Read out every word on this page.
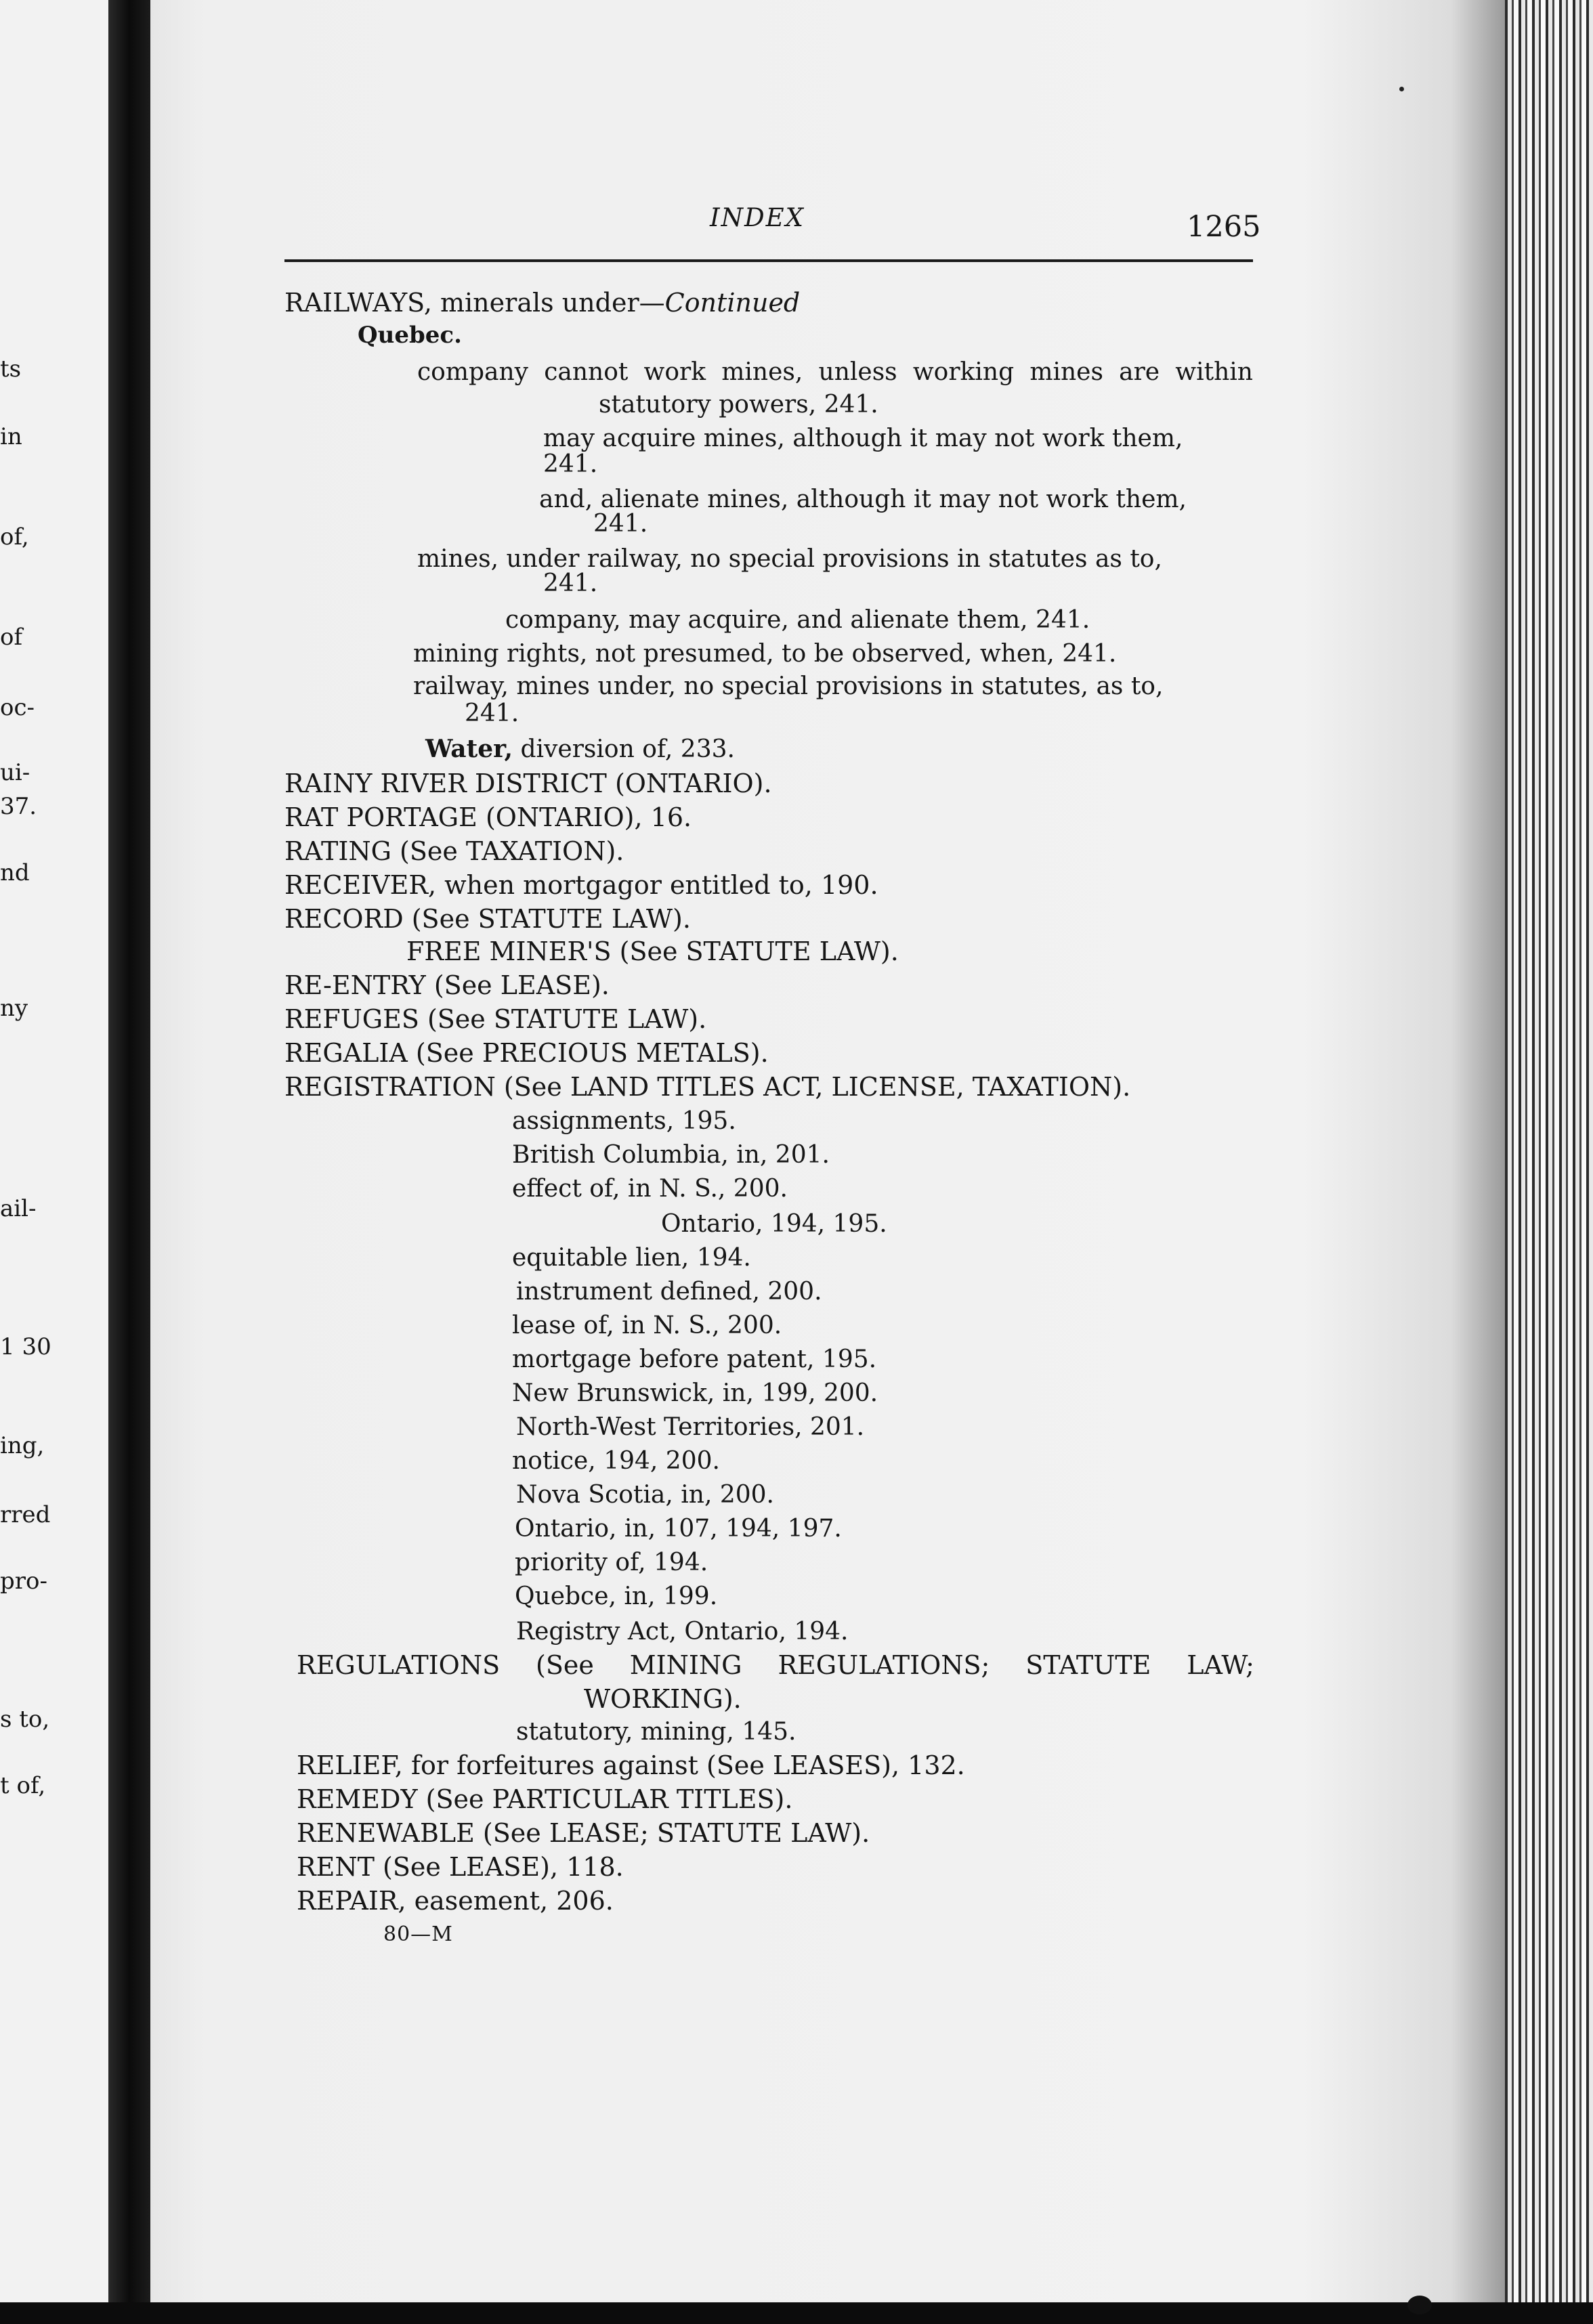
ts
in
of,
of
oc-
ui-
37.
nd
ny
ail-
1 30
ing,
rred
pro-
s to,
t of,
INDEX	1265
RAILWAYS, minerals under—Continued
Quebec.
company cannot work mines, unless working mines are within
statutory powers, 241.
may acquire mines, although it may not work them,
241.
and, alienate mines, although it may not work them,
241.
mines, under railway, no special provisions in statutes as to,
241.
company, may acquire, and alienate them, 241.
mining rights, not presumed, to be observed, when, 241.
railway, mines under, no special provisions in statutes, as to,
241.
Water, diversion of, 233.
RAINY RIVER DISTRICT (ONTARIO).
RAT PORTAGE (ONTARIO), 16.
RATING (See TAXATION).
RECEIVER, when mortgagor entitled to, 190.
RECORD (See STATUTE LAW).
FREE MINER'S (See STATUTE LAW).
RE-ENTRY (See LEASE).
REFUGES (See STATUTE LAW).
REGALIA (See PRECIOUS METALS).
REGISTRATION (See LAND TITLES ACT, LICENSE, TAXATION).
assignments, 195.
British Columbia, in, 201.
effect of, in N. S., 200.
Ontario, 194, 195.
equitable lien, 194.
instrument defined, 200.
lease of, in N. S., 200.
mortgage before patent, 195.
New Brunswick, in, 199, 200.
North-West Territories, 201.
notice, 194, 200.
Nova Scotia, in, 200.
Ontario, in, 107, 194, 197.
priority of, 194.
Quebce, in, 199.
Registry Act, Ontario, 194.
REGULATIONS (See MINING REGULATIONS; STATUTE LAW;
WORKING).
statutory, mining, 145.
RELIEF, for forfeitures against (See LEASES), 132.
REMEDY (See PARTICULAR TITLES).
RENEWABLE (See LEASE; STATUTE LAW).
RENT (See LEASE), 118.
REPAIR, easement, 206.
80—M
